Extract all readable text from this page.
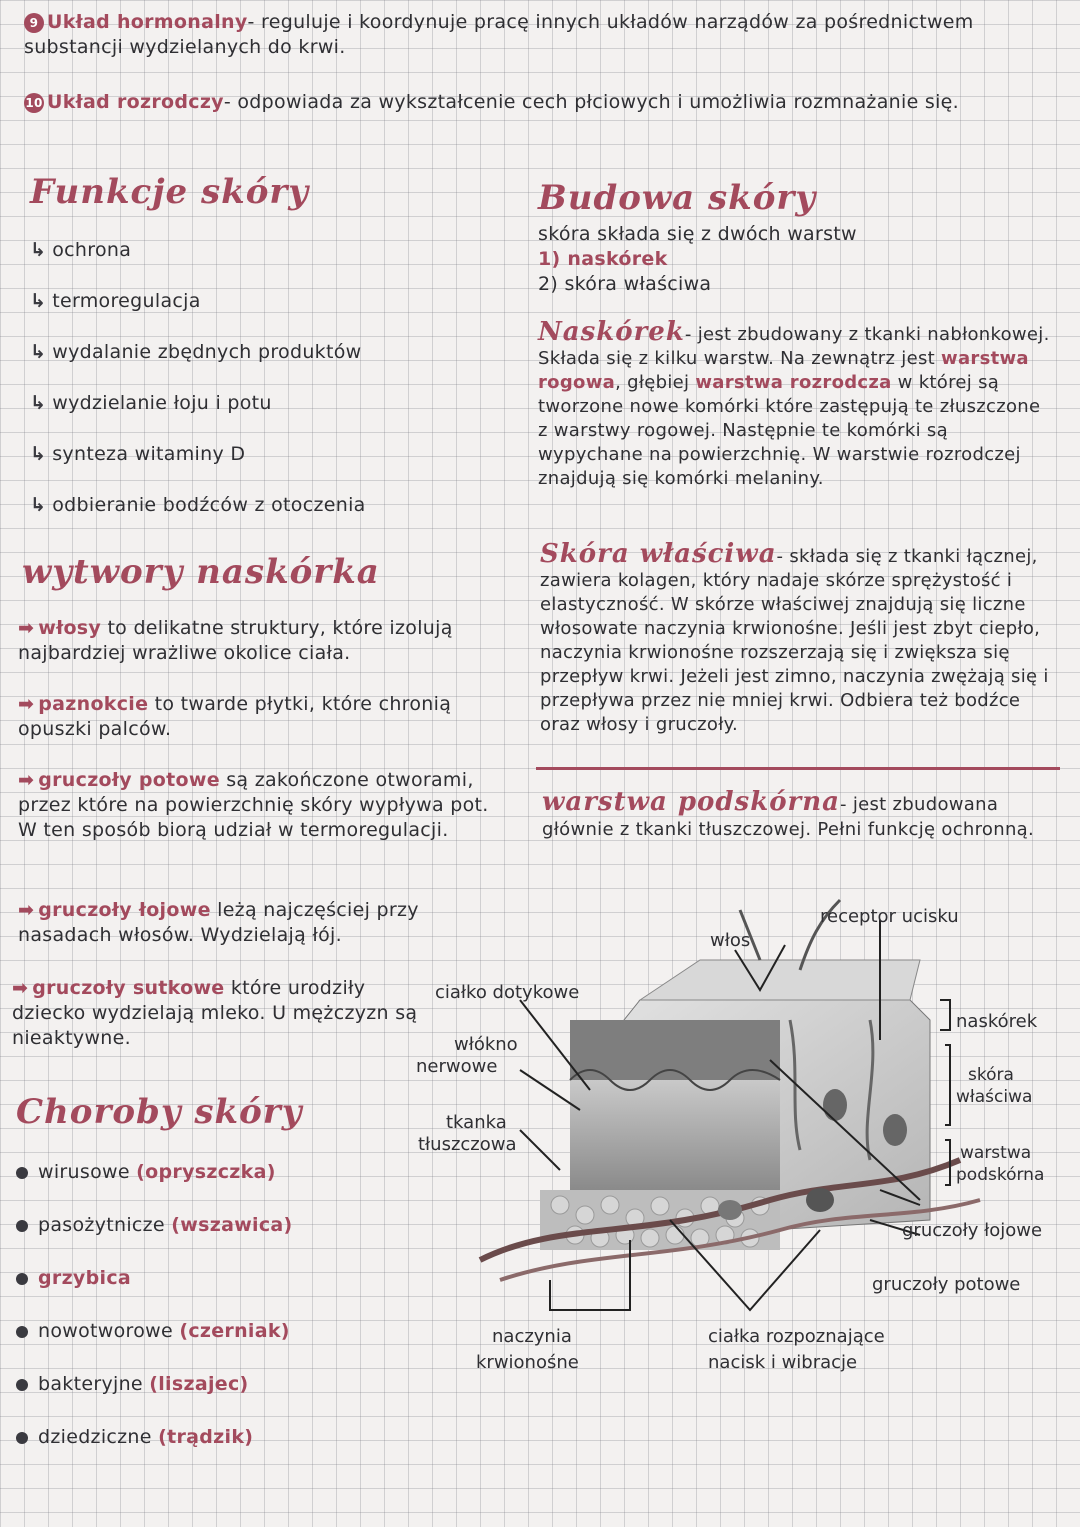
9 Układ hormonalny- reguluje i koordynuje pracę innych układów narządów za pośrednictwem substancji wydzielanych do krwi.
10 Układ rozrodczy- odpowiada za wykształcenie cech płciowych i umożliwia rozmnażanie się.
Funkcje skóry
↳ ochrona
↳ termoregulacja
↳ wydalanie zbędnych produktów
↳ wydzielanie łoju i potu
↳ synteza witaminy D
↳ odbieranie bodźców z otoczenia
wytwory naskórka
➡ włosy to delikatne struktury, które izolują najbardziej wrażliwe okolice ciała.
➡ paznokcie to twarde płytki, które chronią opuszki palców.
➡ gruczoły potowe są zakończone otworami, przez które na powierzchnię skóry wypływa pot. W ten sposób biorą udział w termoregulacji.
➡ gruczoły łojowe leżą najczęściej przy nasadach włosów. Wydzielają łój.
➡ gruczoły sutkowe które urodziły dziecko wydzielają mleko. U mężczyzn są nieaktywne.
Choroby skóry
wirusowe (opryszczka)
pasożytnicze (wszawica)
grzybica
nowotworowe (czerniak)
bakteryjne (liszajec)
dziedziczne (trądzik)
Budowa skóry
skóra składa się z dwóch warstw
1) naskórek
2) skóra właściwa
Naskórek- jest zbudowany z tkanki nabłonkowej. Składa się z kilku warstw. Na zewnątrz jest warstwa rogowa, głębiej warstwa rozrodcza w której są tworzone nowe komórki które zastępują te złuszczone z warstwy rogowej. Następnie te komórki są wypychane na powierzchnię. W warstwie rozrodczej znajdują się komórki melaniny.
Skóra właściwa- składa się z tkanki łącznej, zawiera kolagen, który nadaje skórze sprężystość i elastyczność. W skórze właściwej znajdują się liczne włosowate naczynia krwionośne. Jeśli jest zbyt ciepło, naczynia krwionośne rozszerzają się i zwiększa się przepływ krwi. Jeżeli jest zimno, naczynia zwężają się i przepływa przez nie mniej krwi. Odbiera też bodźce oraz włosy i gruczoły.
warstwa podskórna- jest zbudowana głównie z tkanki tłuszczowej. Pełni funkcję ochronną.
receptor ucisku
włos
ciałko dotykowe
włókno
nerwowe
tkanka
tłuszczowa
naskórek
skóra
właściwa
warstwa
podskórna
gruczoły łojowe
gruczoły potowe
naczynia
krwionośne
ciałka rozpoznające
nacisk i wibracje
